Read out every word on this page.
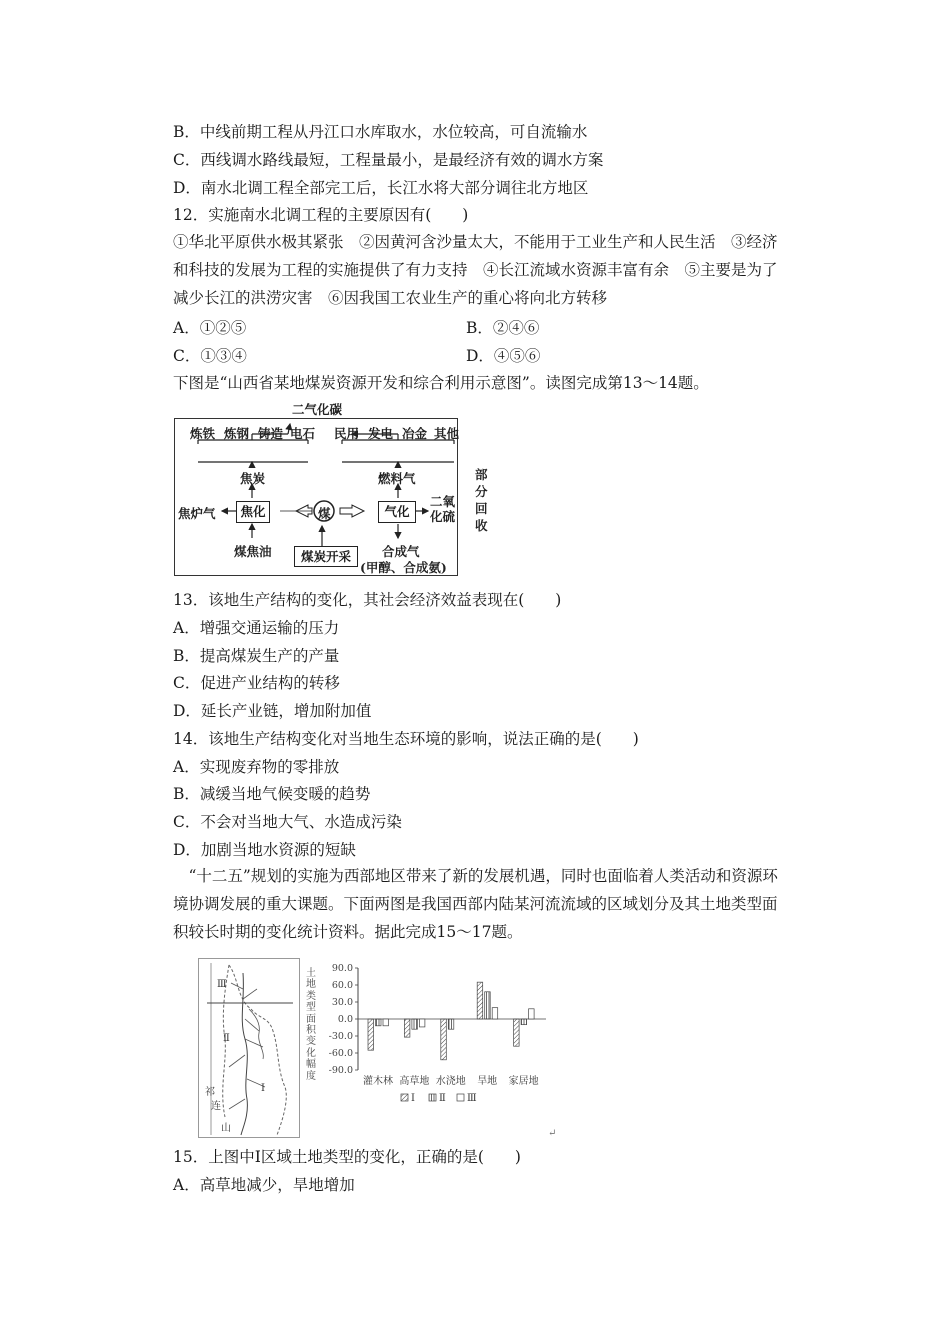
B．中线前期工程从丹江口水库取水，水位较高，可自流输水
C．西线调水路线最短，工程量最小，是最经济有效的调水方案
D．南水北调工程全部完工后，长江水将大部分调往北方地区
12．实施南水北调工程的主要原因有(　　)
①华北平原供水极其紧张　②因黄河含沙量太大，不能用于工业生产和人民生活　③经济和科技的发展为工程的实施提供了有力支持　④长江流域水资源丰富有余　⑤主要是为了减少长江的洪涝灾害　⑥因我国工农业生产的重心将向北方转移
A．①②⑤	B．②④⑥
C．①③④	D．④⑤⑥
下图是“山西省某地煤炭资源开发和综合利用示意图”。读图完成第13～14题。
二气化碳
炼铁 炼钢 铸造 电石 民用 发电 冶金 其他
焦炭	燃料气
焦炉气	焦化	煤	气化
二氧化硫
部分回收
煤焦油	煤炭开采	合成气
(甲醇、合成氨)
13．该地生产结构的变化，其社会经济效益表现在(　　)
A．增强交通运输的压力
B．提高煤炭生产的产量
C．促进产业结构的转移
D．延长产业链，增加附加值
14．该地生产结构变化对当地生态环境的影响，说法正确的是(　　)
A．实现废弃物的零排放
B．减缓当地气候变暖的趋势
C．不会对当地大气、水造成污染
D．加剧当地水资源的短缺
“十二五”规划的实施为西部地区带来了新的发展机遇，同时也面临着人类活动和资源环境协调发展的重大课题。下面两图是我国西部内陆某河流流域的区域划分及其土地类型面积较长时期的变化统计资料。据此完成15～17题。
Ⅲ
Ⅱ
Ⅰ
祁
连
山
土地类型面积变化幅度
90.0
60.0
30.0
0.0
-30.0
-60.0
-90.0
灌木林 高草地 水浇地 旱地 家居地
Ⅰ Ⅱ Ⅲ
↵
15．上图中Ⅰ区域土地类型的变化，正确的是(　　)
A．高草地减少，旱地增加
